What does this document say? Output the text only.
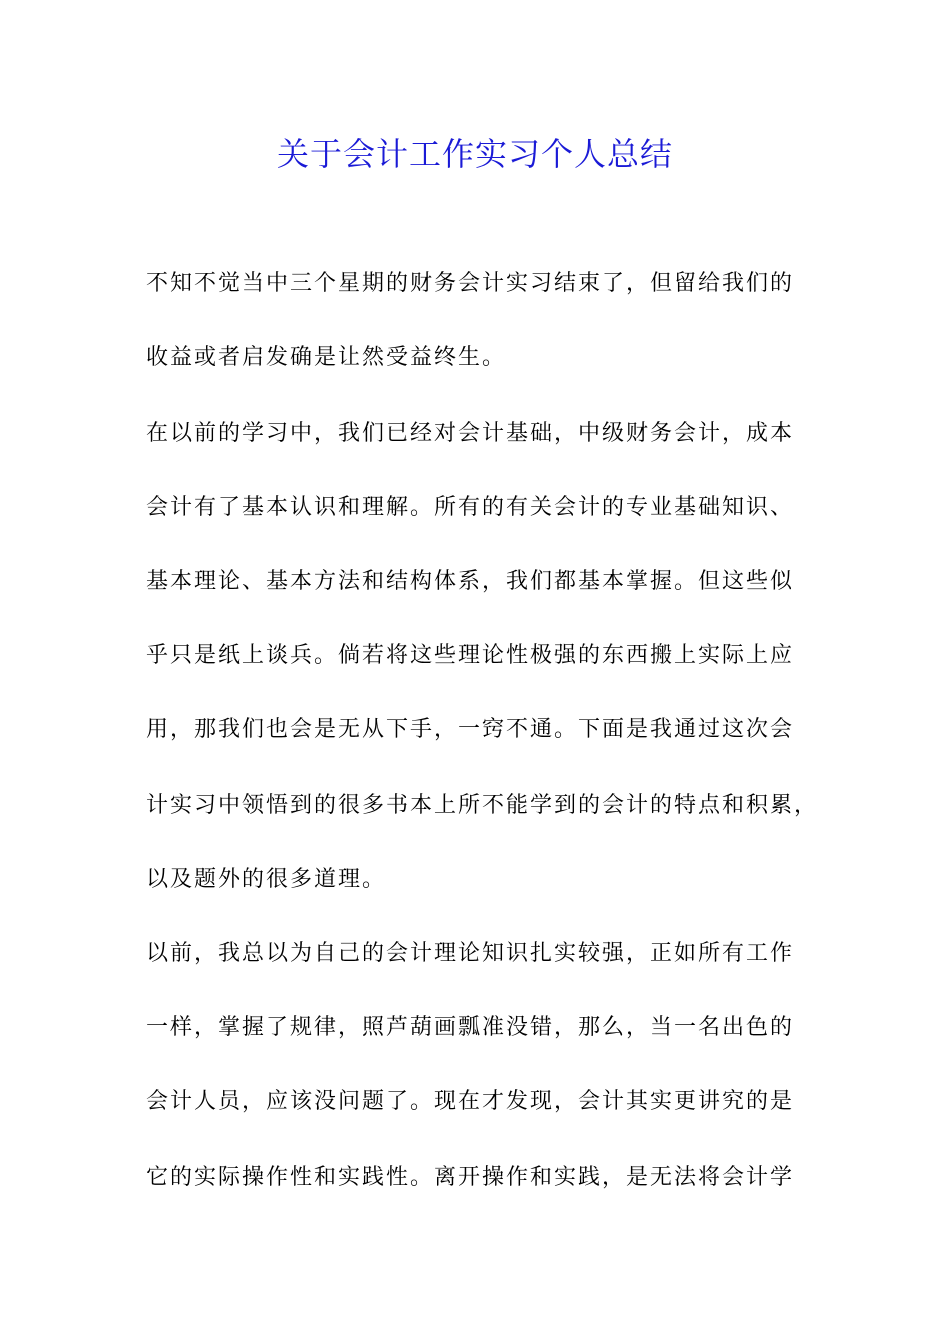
关于会计工作实习个人总结

不知不觉当中三个星期的财务会计实习结束了，但留给我们的

收益或者启发确是让然受益终生。

在以前的学习中，我们已经对会计基础，中级财务会计，成本

会计有了基本认识和理解。所有的有关会计的专业基础知识、

基本理论、基本方法和结构体系，我们都基本掌握。但这些似

乎只是纸上谈兵。倘若将这些理论性极强的东西搬上实际上应

用，那我们也会是无从下手，一窍不通。下面是我通过这次会

计实习中领悟到的很多书本上所不能学到的会计的特点和积累，

以及题外的很多道理。

以前，我总以为自己的会计理论知识扎实较强，正如所有工作

一样，掌握了规律，照芦葫画瓢准没错，那么，当一名出色的

会计人员，应该没问题了。现在才发现，会计其实更讲究的是

它的实际操作性和实践性。离开操作和实践，是无法将会计学
